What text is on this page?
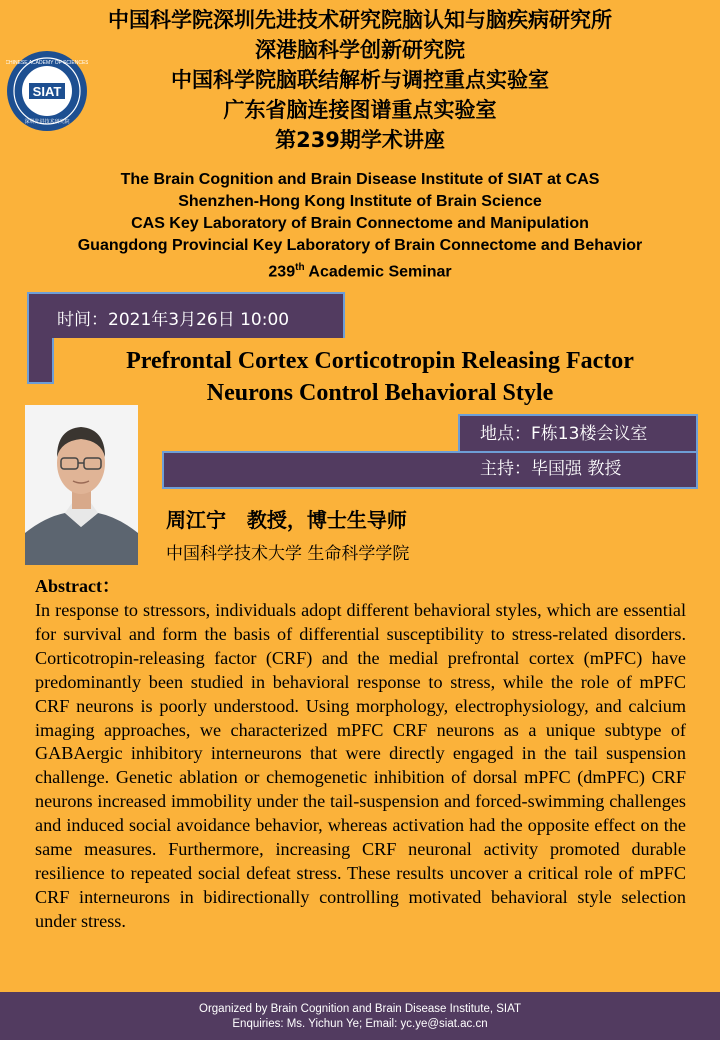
SIAT
CHINESE ACADEMY OF SCIENCES
深圳先进技术研究院
中国科学院深圳先进技术研究院脑认知与脑疾病研究所
深港脑科学创新研究院
中国科学院脑联结解析与调控重点实验室
广东省脑连接图谱重点实验室
第239期学术讲座
The Brain Cognition and Brain Disease Institute of SIAT at CAS
Shenzhen-Hong Kong Institute of Brain Science
CAS Key Laboratory of Brain Connectome and Manipulation
Guangdong Provincial Key Laboratory of Brain Connectome and Behavior
239th Academic Seminar
时间：2021年3月26日 10:00
Prefrontal Cortex Corticotropin Releasing Factor
Neurons Control Behavioral Style
地点：F栋13楼会议室
主持：毕国强 教授
周江宁   教授，博士生导师
中国科学技术大学 生命科学学院
Abstract：
In response to stressors, individuals adopt different behavioral styles, which are essential for survival and form the basis of differential susceptibility to stress-related disorders. Corticotropin-releasing factor (CRF) and the medial prefrontal cortex (mPFC) have predominantly been studied in behavioral response to stress, while the role of mPFC CRF neurons is poorly understood. Using morphology, electrophysiology, and calcium imaging approaches, we characterized mPFC CRF neurons as a unique subtype of GABAergic inhibitory interneurons that were directly engaged in the tail suspension challenge. Genetic ablation or chemogenetic inhibition of dorsal mPFC (dmPFC) CRF neurons increased immobility under the tail-suspension and forced-swimming challenges and induced social avoidance behavior, whereas activation had the opposite effect on the same measures. Furthermore, increasing CRF neuronal activity promoted durable resilience to repeated social defeat stress. These results uncover a critical role of mPFC CRF interneurons in bidirectionally controlling motivated behavioral style selection under stress.
Organized by Brain Cognition and Brain Disease Institute, SIAT
Enquiries: Ms. Yichun Ye; Email: yc.ye@siat.ac.cn
